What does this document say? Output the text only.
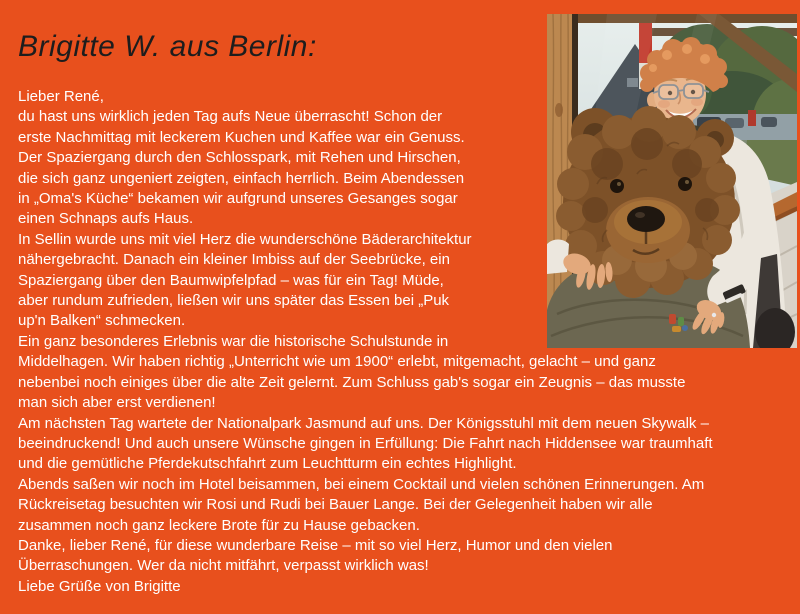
Brigitte W. aus Berlin:
Lieber René,
du hast uns wirklich jeden Tag aufs Neue überrascht! Schon der
erste Nachmittag mit leckerem Kuchen und Kaffee war ein Genuss.
Der Spaziergang durch den Schlosspark, mit Rehen und Hirschen,
die sich ganz ungeniert zeigten, einfach herrlich. Beim Abendessen
in „Oma's Küche“ bekamen wir aufgrund unseres Gesanges sogar
einen Schnaps aufs Haus.
In Sellin wurde uns mit viel Herz die wunderschöne Bäderarchitektur
nähergebracht. Danach ein kleiner Imbiss auf der Seebrücke, ein
Spaziergang über den Baumwipfelpfad – was für ein Tag! Müde,
aber rundum zufrieden, ließen wir uns später das Essen bei „Puk
up'n Balken“ schmecken.
Ein ganz besonderes Erlebnis war die historische Schulstunde in
Middelhagen. Wir haben richtig „Unterricht wie um 1900“ erlebt, mitgemacht, gelacht – und ganz
nebenbei noch einiges über die alte Zeit gelernt. Zum Schluss gab's sogar ein Zeugnis – das musste
man sich aber erst verdienen!
Am nächsten Tag wartete der Nationalpark Jasmund auf uns. Der Königsstuhl mit dem neuen Skywalk –
beeindruckend! Und auch unsere Wünsche gingen in Erfüllung: Die Fahrt nach Hiddensee war traumhaft
und die gemütliche Pferdekutschfahrt zum Leuchtturm ein echtes Highlight.
Abends saßen wir noch im Hotel beisammen, bei einem Cocktail und vielen schönen Erinnerungen. Am
Rückreisetag besuchten wir Rosi und Rudi bei Bauer Lange. Bei der Gelegenheit haben wir alle
zusammen noch ganz leckere Brote für zu Hause gebacken.
Danke, lieber René, für diese wunderbare Reise – mit so viel Herz, Humor und den vielen
Überraschungen. Wer da nicht mitfährt, verpasst wirklich was!
Liebe Grüße von Brigitte
